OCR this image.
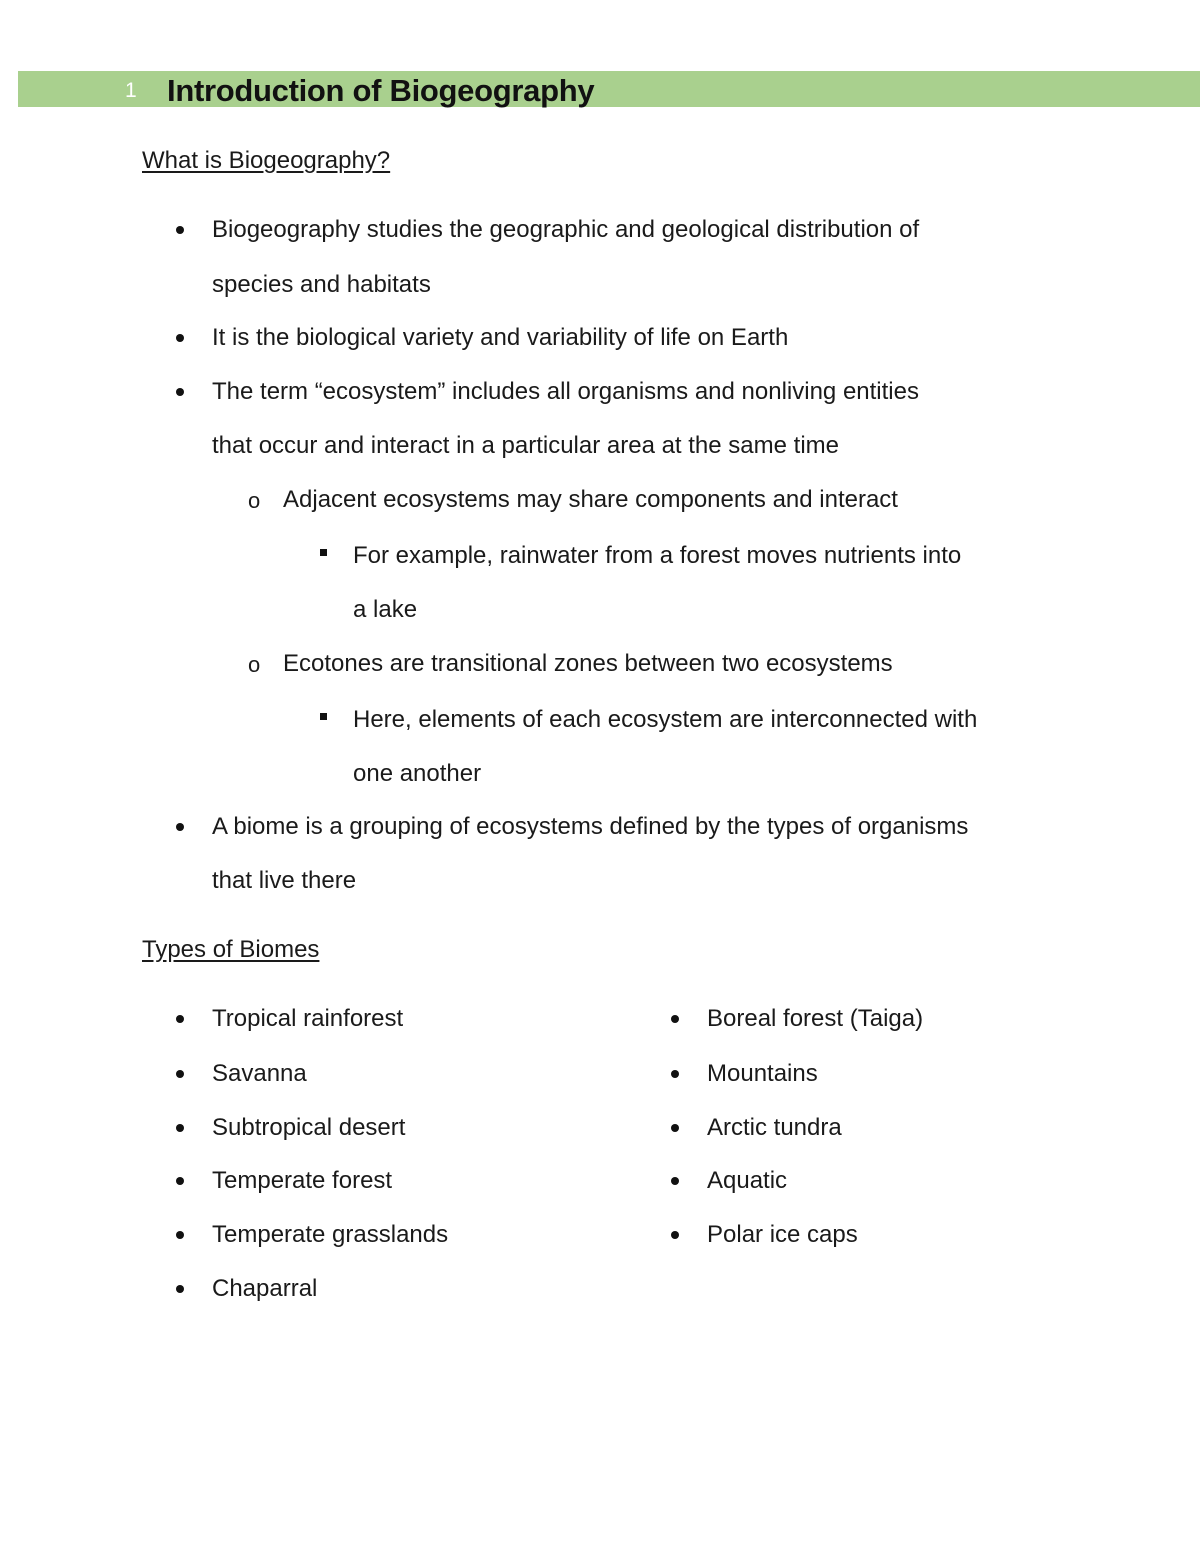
1 Introduction of Biogeography
What is Biogeography?
Biogeography studies the geographic and geological distribution of
species and habitats
It is the biological variety and variability of life on Earth
The term “ecosystem” includes all organisms and nonliving entities
that occur and interact in a particular area at the same time
o Adjacent ecosystems may share components and interact
For example, rainwater from a forest moves nutrients into
a lake
o Ecotones are transitional zones between two ecosystems
Here, elements of each ecosystem are interconnected with
one another
A biome is a grouping of ecosystems defined by the types of organisms
that live there
Types of Biomes
Tropical rainforest
Savanna
Subtropical desert
Temperate forest
Temperate grasslands
Chaparral
Boreal forest (Taiga)
Mountains
Arctic tundra
Aquatic
Polar ice caps
